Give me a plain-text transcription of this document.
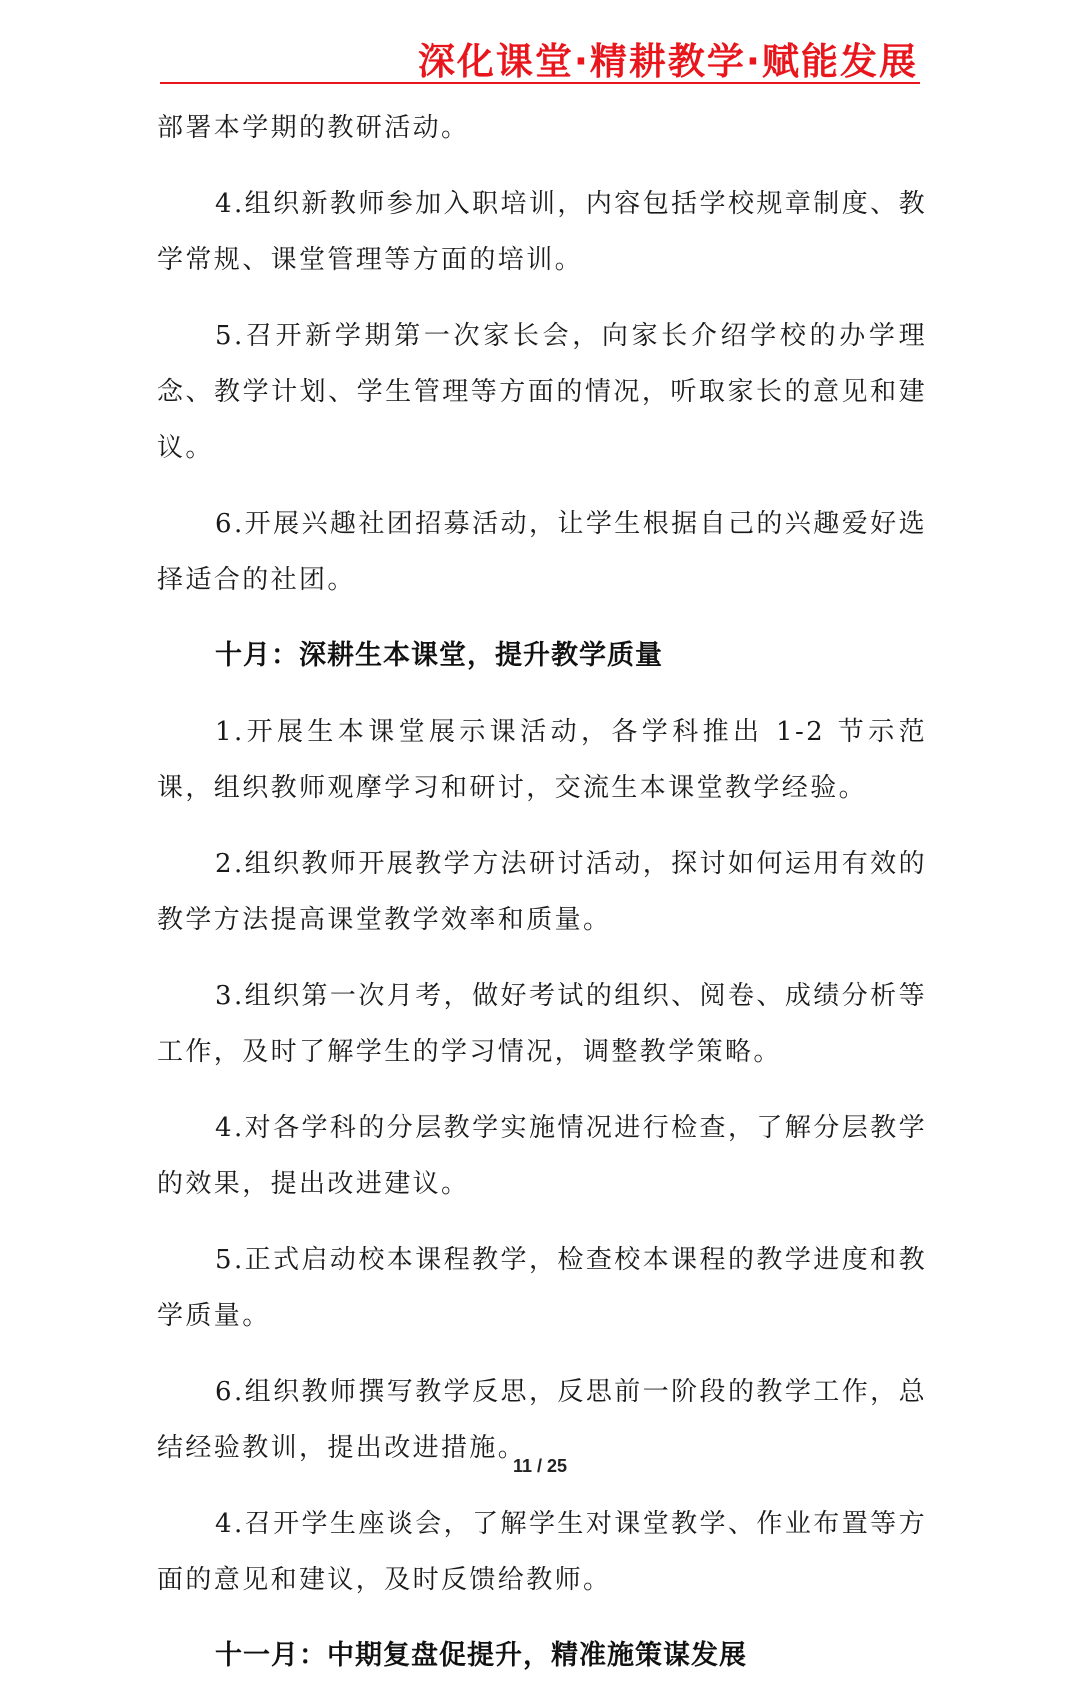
深化课堂·精耕教学·赋能发展

部署本学期的教研活动。

4.组织新教师参加入职培训，内容包括学校规章制度、教学常规、课堂管理等方面的培训。

5.召开新学期第一次家长会，向家长介绍学校的办学理念、教学计划、学生管理等方面的情况，听取家长的意见和建议。

6.开展兴趣社团招募活动，让学生根据自己的兴趣爱好选择适合的社团。

十月：深耕生本课堂，提升教学质量

1.开展生本课堂展示课活动，各学科推出 1-2 节示范课，组织教师观摩学习和研讨，交流生本课堂教学经验。

2.组织教师开展教学方法研讨活动，探讨如何运用有效的教学方法提高课堂教学效率和质量。

3.组织第一次月考，做好考试的组织、阅卷、成绩分析等工作，及时了解学生的学习情况，调整教学策略。

4.对各学科的分层教学实施情况进行检查，了解分层教学的效果，提出改进建议。

5.正式启动校本课程教学，检查校本课程的教学进度和教学质量。

6.组织教师撰写教学反思，反思前一阶段的教学工作，总结经验教训，提出改进措施。

4.召开学生座谈会，了解学生对课堂教学、作业布置等方面的意见和建议，及时反馈给教师。

十一月：中期复盘促提升，精准施策谋发展
11 / 25
